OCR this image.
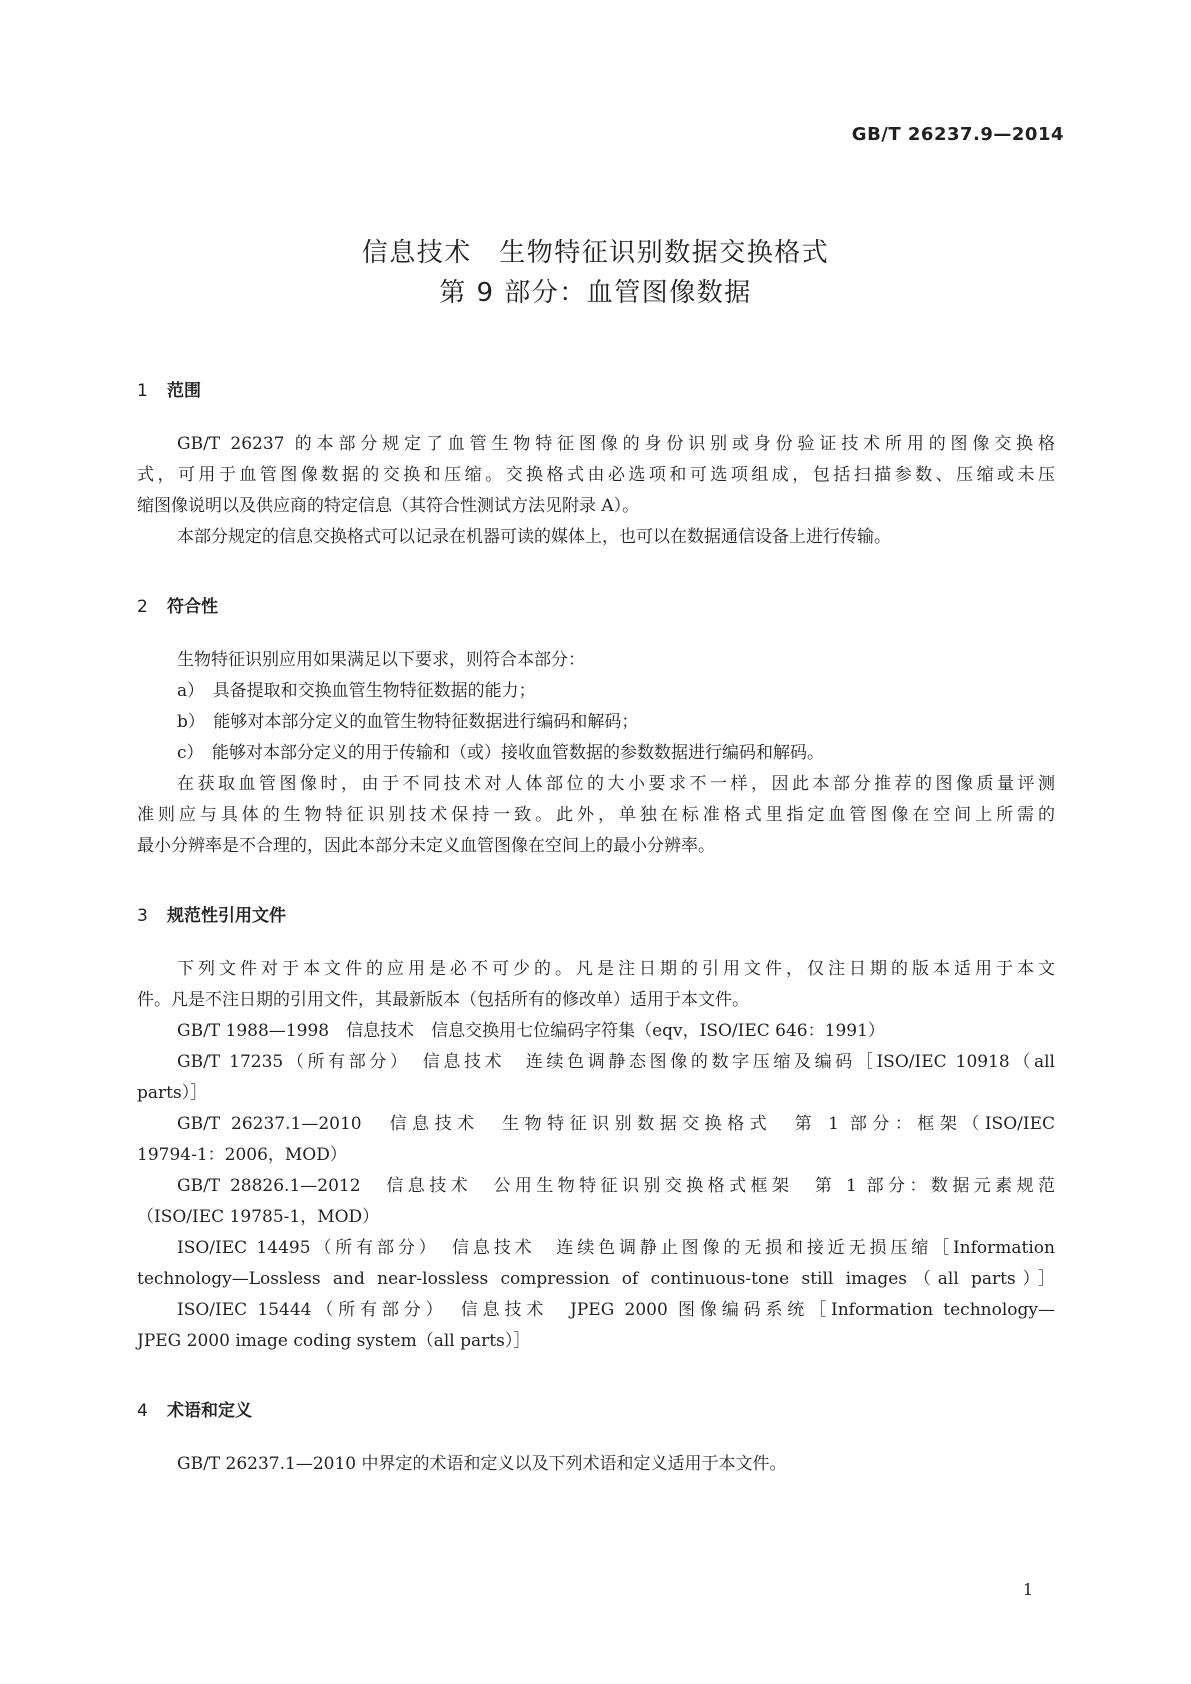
GB/T 26237.9—2014
信息技术　生物特征识别数据交换格式
第 9 部分：血管图像数据
1 范围
GB/T 26237 的本部分规定了血管生物特征图像的身份识别或身份验证技术所用的图像交换格
式，可用于血管图像数据的交换和压缩。交换格式由必选项和可选项组成，包括扫描参数、压缩或未压
缩图像说明以及供应商的特定信息（其符合性测试方法见附录 A）。
本部分规定的信息交换格式可以记录在机器可读的媒体上，也可以在数据通信设备上进行传输。
2 符合性
生物特征识别应用如果满足以下要求，则符合本部分：
a）　具备提取和交换血管生物特征数据的能力；
b）　能够对本部分定义的血管生物特征数据进行编码和解码；
c）　能够对本部分定义的用于传输和（或）接收血管数据的参数数据进行编码和解码。
在获取血管图像时，由于不同技术对人体部位的大小要求不一样，因此本部分推荐的图像质量评测
准则应与具体的生物特征识别技术保持一致。此外，单独在标准格式里指定血管图像在空间上所需的
最小分辨率是不合理的，因此本部分未定义血管图像在空间上的最小分辨率。
3 规范性引用文件
下列文件对于本文件的应用是必不可少的。凡是注日期的引用文件，仅注日期的版本适用于本文
件。凡是不注日期的引用文件，其最新版本（包括所有的修改单）适用于本文件。
GB/T 1988—1998　信息技术　信息交换用七位编码字符集（eqv，ISO/IEC 646：1991）
GB/T 17235（所有部分）　信息技术　连续色调静态图像的数字压缩及编码［ISO/IEC 10918（all
parts）］
GB/T 26237.1—2010　信息技术　生物特征识别数据交换格式　第 1 部分：框架（ISO/IEC
19794-1：2006，MOD）
GB/T 28826.1—2012　信息技术　公用生物特征识别交换格式框架　第 1 部分：数据元素规范
（ISO/IEC 19785-1，MOD）
ISO/IEC 14495（所有部分）　信息技术　连续色调静止图像的无损和接近无损压缩［Information
technology—Lossless and near-lossless compression of continuous-tone still images（all parts）］
ISO/IEC 15444（所有部分）　信息技术　JPEG 2000 图像编码系统［Information technology—
JPEG 2000 image coding system（all parts）］
4 术语和定义
GB/T 26237.1—2010 中界定的术语和定义以及下列术语和定义适用于本文件。
1
